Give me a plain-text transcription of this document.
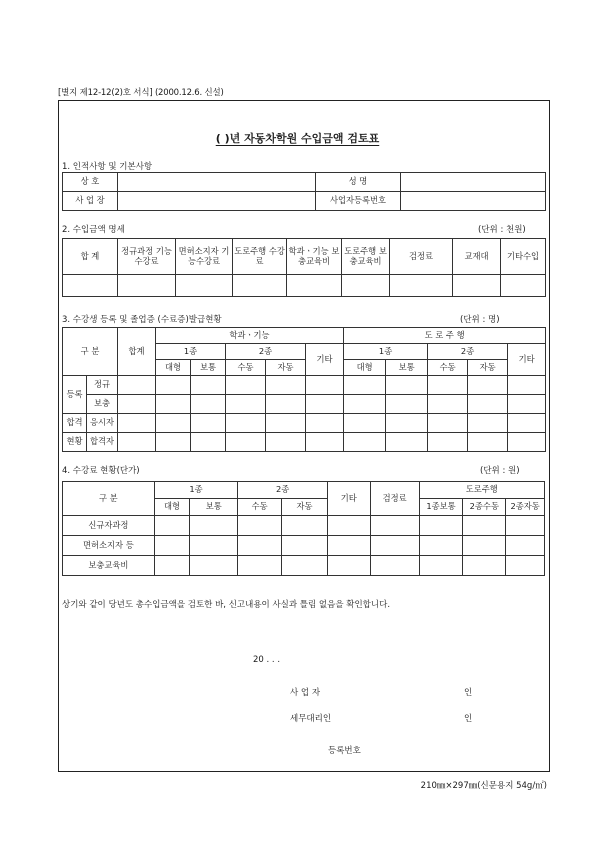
[별지 제12-12(2)호 서식] (2000.12.6. 신설)
( )년 자동차학원 수입금액 검토표
1. 인적사항 및 기본사항
상 호		성 명	
사 업 장		사업자등록번호	
2. 수입금액 명세	(단위 : 천원)
합 계	정규과정 기능수강료	면허소지자 기능수강료	도로주행 수강료	학과ㆍ기능 보충교육비	도로주행 보충교육비	검정료	교재대	기타수입

3. 수강생 등록 및 졸업증 (수료증)발급현황	(단위 : 명)
구 분		합계	학과ㆍ기능					도 로 주 행				
			1종		2종		기타	1종		2종		기타
			대형	보통	수동	자동		대형	보통	수동	자동	
등록	정규											
	보충											
합격	응시자											
현황	합격자											
4. 수강료 현황(단가)	(단위 : 원)
구 분	1종		2종		기타	검정료	도로주행		
	대형	보통	수동	자동			1종보통	2종수동	2종자동
신규자과정									
면허소지자 등									
보충교육비									
상기와 같이 당년도 총수입금액을 검토한 바, 신고내용이 사실과 틀림 없음을 확인합니다.
20 . . .
사 업 자	인
세무대리인	인
등록번호
210㎜×297㎜(신문용지 54g/㎡)
